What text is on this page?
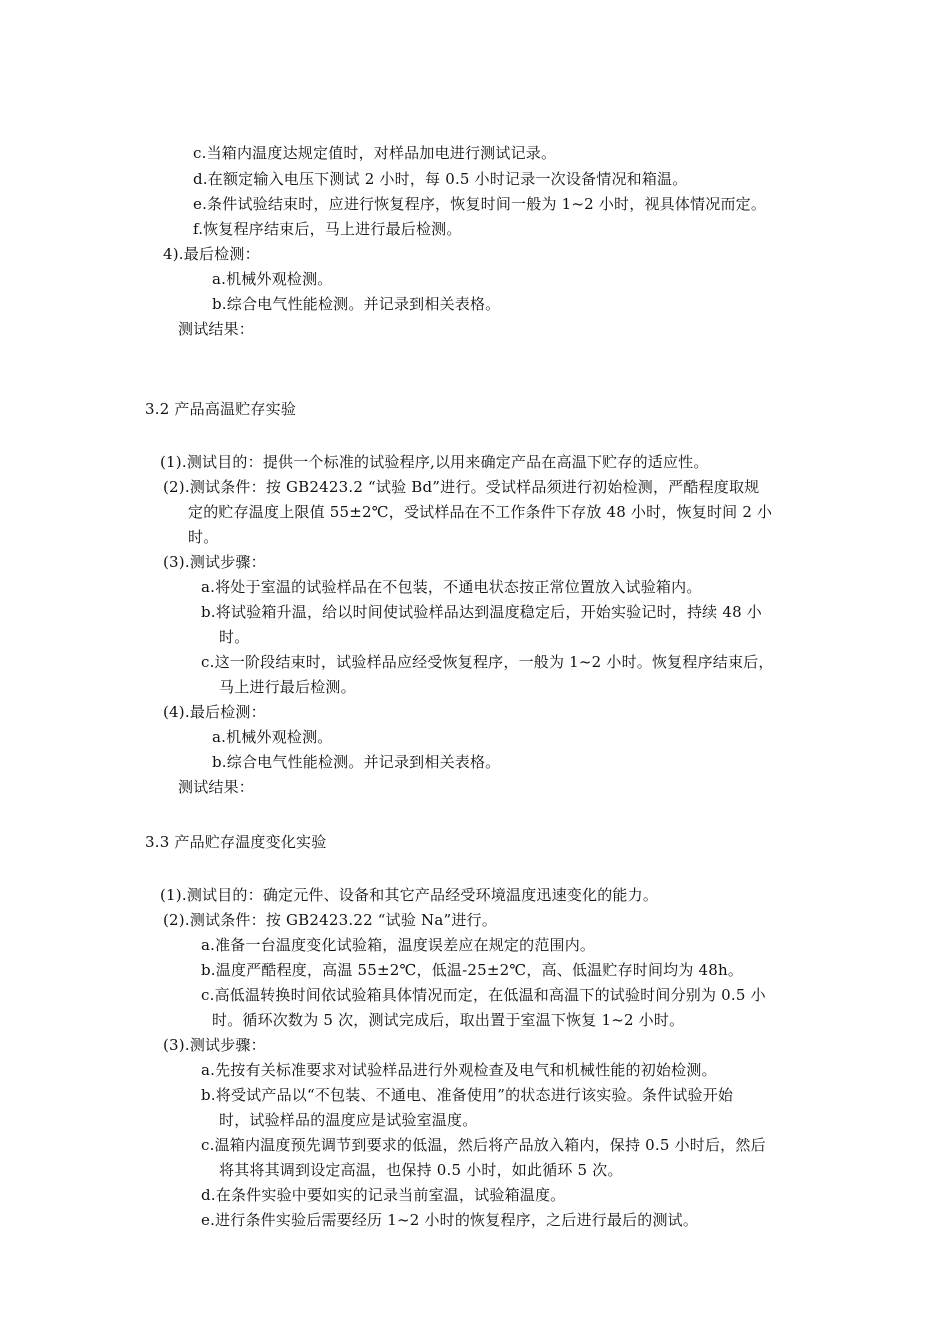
c.当箱内温度达规定值时，对样品加电进行测试记录。
d.在额定输入电压下测试 2 小时，每 0.5 小时记录一次设备情况和箱温。
e.条件试验结束时，应进行恢复程序，恢复时间一般为 1~2 小时，视具体情况而定。
f.恢复程序结束后，马上进行最后检测。
4).最后检测：
a.机械外观检测。
b.综合电气性能检测。并记录到相关表格。
测试结果：
3.2 产品高温贮存实验
(1).测试目的：提供一个标准的试验程序,以用来确定产品在高温下贮存的适应性。
(2).测试条件：按 GB2423.2 “试验 Bd”进行。受试样品须进行初始检测，严酷程度取规
定的贮存温度上限值 55±2℃，受试样品在不工作条件下存放 48 小时，恢复时间 2 小
时。
(3).测试步骤：
a.将处于室温的试验样品在不包装，不通电状态按正常位置放入试验箱内。
b.将试验箱升温，给以时间使试验样品达到温度稳定后，开始实验记时，持续 48 小
时。
c.这一阶段结束时，试验样品应经受恢复程序，一般为 1~2 小时。恢复程序结束后，
马上进行最后检测。
(4).最后检测：
a.机械外观检测。
b.综合电气性能检测。并记录到相关表格。
测试结果：
3.3 产品贮存温度变化实验
(1).测试目的：确定元件、设备和其它产品经受环境温度迅速变化的能力。
(2).测试条件：按 GB2423.22 “试验 Na”进行。
a.准备一台温度变化试验箱，温度误差应在规定的范围内。
b.温度严酷程度，高温 55±2℃，低温-25±2℃，高、低温贮存时间均为 48h。
c.高低温转换时间依试验箱具体情况而定，在低温和高温下的试验时间分别为 0.5 小
时。循环次数为 5 次，测试完成后，取出置于室温下恢复 1~2 小时。
(3).测试步骤：
a.先按有关标准要求对试验样品进行外观检查及电气和机械性能的初始检测。
b.将受试产品以“不包装、不通电、准备使用”的状态进行该实验。条件试验开始
时，试验样品的温度应是试验室温度。
c.温箱内温度预先调节到要求的低温，然后将产品放入箱内，保持 0.5 小时后，然后
将其将其调到设定高温，也保持 0.5 小时，如此循环 5 次。
d.在条件实验中要如实的记录当前室温，试验箱温度。
e.进行条件实验后需要经历 1~2 小时的恢复程序，之后进行最后的测试。
